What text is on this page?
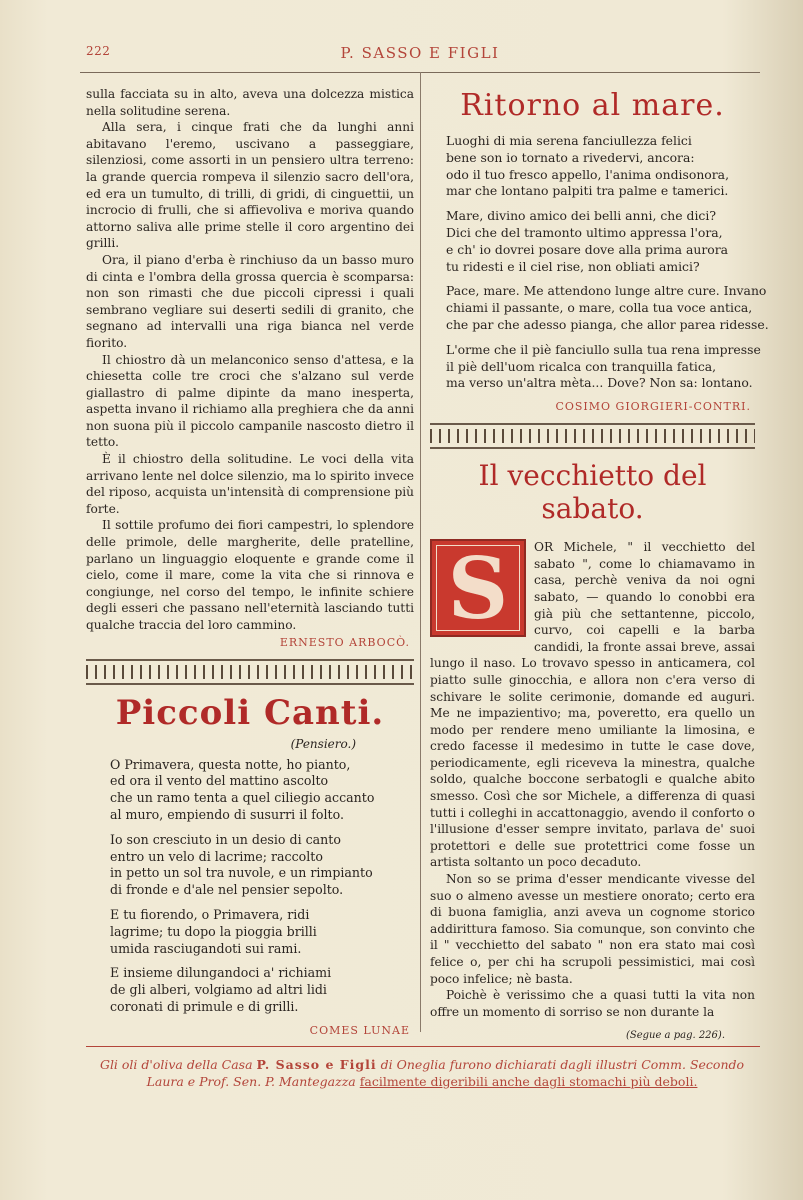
222	P. SASSO E FIGLI

sulla facciata su in alto, aveva una dolcezza mistica nella solitudine serena.

Alla sera, i cinque frati che da lunghi anni abitavano l'eremo, uscivano a passeggiare, silenziosi, come assorti in un pensiero ultra terreno: la grande quercia rompeva il silenzio sacro dell'ora, ed era un tumulto, di trilli, di gridi, di cinguettii, un incrocio di frulli, che si affievoliva e moriva quando attorno saliva alle prime stelle il coro argentino dei grilli.

Ora, il piano d'erba è rinchiuso da un basso muro di cinta e l'ombra della grossa quercia è scomparsa: non son rimasti che due piccoli cipressi i quali sembrano vegliare sui deserti sedili di granito, che segnano ad intervalli una riga bianca nel verde fiorito.

Il chiostro dà un melanconico senso d'attesa, e la chiesetta colle tre croci che s'alzano sul verde giallastro di palme dipinte da mano inesperta, aspetta invano il richiamo alla preghiera che da anni non suona più il piccolo campanile nascosto dietro il tetto.

È il chiostro della solitudine. Le voci della vita arrivano lente nel dolce silenzio, ma lo spirito invece del riposo, acquista un'intensità di comprensione più forte.

Il sottile profumo dei fiori campestri, lo splendore delle primole, delle margherite, delle pratelline, parlano un linguaggio eloquente e grande come il cielo, come il mare, come la vita che si rinnova e congiunge, nel corso del tempo, le infinite schiere degli esseri che passano nell'eternità lasciando tutti qualche traccia del loro cammino.

ERNESTO ARBOCÒ.
Piccoli Canti.
(Pensiero.)
O Primavera, questa notte, ho pianto,
ed ora il vento del mattino ascolto
che un ramo tenta a quel ciliegio accanto
al muro, empiendo di susurri il folto.
Io son cresciuto in un desio di canto
entro un velo di lacrime; raccolto
in petto un sol tra nuvole, e un rimpianto
di fronde e d'ale nel pensier sepolto.
E tu fiorendo, o Primavera, ridi
lagrime; tu dopo la pioggia brilli
umida rasciugandoti sui rami.
E insieme dilungandoci a' richiami
de gli alberi, volgiamo ad altri lidi
coronati di primule e di grilli.
COMES LUNAE
Ritorno al mare.
Luoghi di mia serena fanciullezza felici
bene son io tornato a rivedervi, ancora:
odo il tuo fresco appello, l'anima ondisonora,
mar che lontano palpiti tra palme e tamerici.
Mare, divino amico dei belli anni, che dici?
Dici che del tramonto ultimo appressa l'ora,
e ch' io dovrei posare dove alla prima aurora
tu ridesti e il ciel rise, non obliati amici?
Pace, mare. Me attendono lunge altre cure. Invano
chiami il passante, o mare, colla tua voce antica,
che par che adesso pianga, che allor parea ridesse.
L'orme che il piè fanciullo sulla tua rena impresse
il piè dell'uom ricalca con tranquilla fatica,
ma verso un'altra mèta... Dove? Non sa: lontano.
COSIMO GIORGIERI-CONTRI.
Il vecchietto del sabato.
S	OR Michele, " il vecchietto del sabato ", come lo chiamavamo in casa, perchè veniva da noi ogni sabato, — quando lo conobbi era già più che settantenne, piccolo, curvo, coi capelli e la barba candidi, la fronte assai breve, assai lungo il naso. Lo trovavo spesso in anticamera, col piatto sulle ginocchia, e allora non c'era verso di schivare le solite cerimonie, domande ed auguri. Me ne impazientivo; ma, poveretto, era quello un modo per rendere meno umiliante la limosina, e credo facesse il medesimo in tutte le case dove, periodicamente, egli riceveva la minestra, qualche soldo, qualche boccone serbatogli e qualche abito smesso. Così che sor Michele, a differenza di quasi tutti i colleghi in accattonaggio, avendo il conforto o l'illusione d'esser sempre invitato, parlava de' suoi protettori e delle sue protettrici come fosse un artista soltanto un poco decaduto.

Non so se prima d'esser mendicante vivesse del suo o almeno avesse un mestiere onorato; certo era di buona famiglia, anzi aveva un cognome storico addirittura famoso. Sia comunque, son convinto che il " vecchietto del sabato " non era stato mai così felice o, per chi ha scrupoli pessimistici, mai così poco infelice; nè basta.

Poichè è verissimo che a quasi tutti la vita non offre un momento di sorriso se non durante la

(Segue a pag. 226).
Gli oli d'oliva della Casa P. Sasso e Figli di Oneglia furono dichiarati dagli illustri Comm. Secondo Laura e Prof. Sen. P. Mantegazza facilmente digeribili anche dagli stomachi più deboli.
